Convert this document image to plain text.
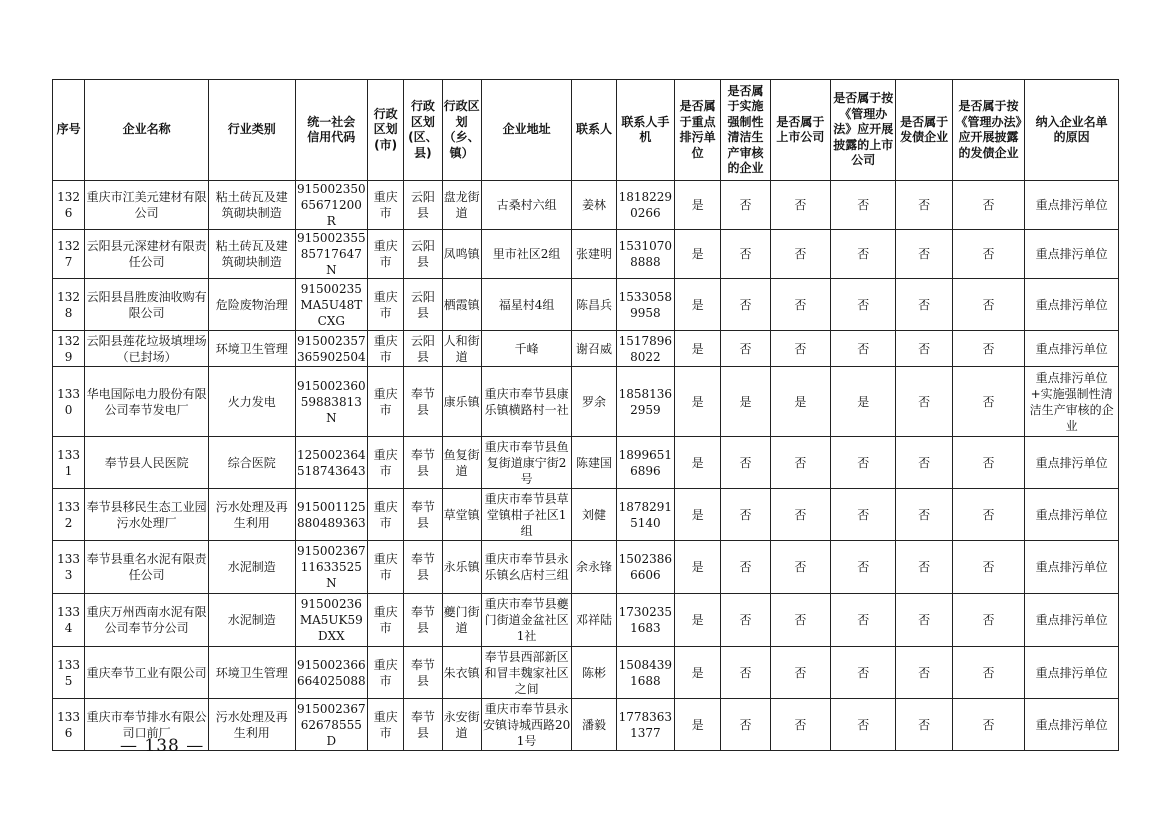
序号	企业名称	行业类别	统一社会信用代码	行政区划(市)	行政区划(区、县)	行政区划（乡、镇）	企业地址	联系人	联系人手机	是否属于重点排污单位	是否属于实施强制性清洁生产审核的企业	是否属于上市公司	是否属于按《管理办法》应开展披露的上市公司	是否属于发债企业	是否属于按《管理办法》应开展披露的发债企业	纳入企业名单的原因
1326	重庆市江美元建材有限公司	粘土砖瓦及建筑砌块制造	91500235065671200R	重庆市	云阳县	盘龙街道	古桑村六组	姜林	18182290266	是	否	否	否	否	否	重点排污单位
1327	云阳县元深建材有限责任公司	粘土砖瓦及建筑砌块制造	91500235585717647N	重庆市	云阳县	凤鸣镇	里市社区2组	张建明	15310708888	是	否	否	否	否	否	重点排污单位
1328	云阳县昌胜废油收购有限公司	危险废物治理	91500235MA5U48TCXG	重庆市	云阳县	栖霞镇	福星村4组	陈昌兵	15330589958	是	否	否	否	否	否	重点排污单位
1329	云阳县莲花垃圾填埋场（已封场）	环境卫生管理	915002357365902504	重庆市	云阳县	人和街道	千峰	谢召威	15178968022	是	否	否	否	否	否	重点排污单位
1330	华电国际电力股份有限公司奉节发电厂	火力发电	91500236059883813N	重庆市	奉节县	康乐镇	重庆市奉节县康乐镇横路村一社	罗余	18581362959	是	是	是	是	否	否	重点排污单位+实施强制性清洁生产审核的企业
1331	奉节县人民医院	综合医院	125002364518743643	重庆市	奉节县	鱼复街道	重庆市奉节县鱼复街道康宁街2号	陈建国	18996516896	是	否	否	否	否	否	重点排污单位
1332	奉节县移民生态工业园污水处理厂	污水处理及再生利用	915001125880489363	重庆市	奉节县	草堂镇	重庆市奉节县草堂镇柑子社区1组	刘健	18782915140	是	否	否	否	否	否	重点排污单位
1333	奉节县重名水泥有限责任公司	水泥制造	91500236711633525N	重庆市	奉节县	永乐镇	重庆市奉节县永乐镇幺店村三组	余永锋	15023866606	是	否	否	否	否	否	重点排污单位
1334	重庆万州西南水泥有限公司奉节分公司	水泥制造	91500236MA5UK59DXX	重庆市	奉节县	夔门街道	重庆市奉节县夔门街道金盆社区 1社	邓祥陆	17302351683	是	否	否	否	否	否	重点排污单位
1335	重庆奉节工业有限公司	环境卫生管理	915002366664025088	重庆市	奉节县	朱衣镇	奉节县西部新区和冒丰魏家社区之间	陈彬	15084391688	是	否	否	否	否	否	重点排污单位
1336	重庆市奉节排水有限公司口前厂	污水处理及再生利用	91500236762678555D	重庆市	奉节县	永安街道	重庆市奉节县永安镇诗城西路201号	潘毅	17783631377	是	否	否	否	否	否	重点排污单位
— 138 —
